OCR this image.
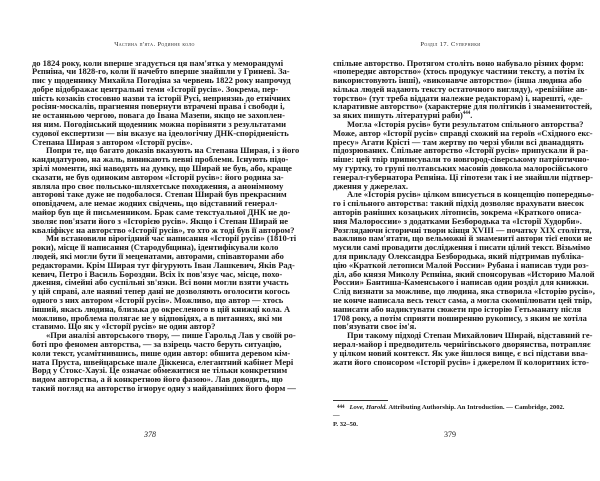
Частина п'ята. Родинне коло
до 1824 року, коли вперше згадується ця пам'ятка у меморандумі
Рєпніна, чи 1828-го, коли її начебто вперше знайшли у Гриневі. За-
пис у щоденнику Михайла Погодіна за червень 1822 року напрочуд
добре відображає центральні теми «Історії русів». Зокрема, пер-
шість козаків стосовно назви та історії Русі, неприязнь до етнічних
росіян-москалів, прагнення повернути втрачені права і свободи і,
не останньою чергою, повага до Івана Мазепи, якщо не захоплен-
ня ним. Погодінський щоденник можна порівняти з результатами
судової експертизи — він вказує на ідеологічну ДНК-спорідненість
Степана Ширая з автором «Історії русів».
Попри те, що багато доказів вказують на Степана Ширая, і з його
кандидатурою, на жаль, виникають певні проблеми. Існують підо-
зрілі моменти, які наводять на думку, що Ширай не був, або, краще
сказати, не був одиноким автором «Історії русів»: його родина за-
являла про своє польсько-шляхетське походження, а анонімному
авторові таке дуже не подобалося. Степан Ширай був прекрасним
оповідачем, але немає жодних свідчень, що відставний генерал-
майор був ще й письменником. Брак саме текстуальної ДНК не до-
зволяє пов'язати його з «Історією русів». Якщо і Степан Ширай не
кваліфікує на авторство «Історії русів», то хто ж тоді був її автором?
Ми встановили вірогідний час написання «Історії русів» (1810-ті
роки), місце її написання (Стародубщина), ідентифікували коло
людей, які могли бути її меценатами, авторами, співавторами або
редакторами. Крім Ширая тут фігурують Іван Лашкевич, Яків Рад-
кевич, Петро і Василь Бороздни. Всіх їх пов'язує час, місце, похо-
дження, сімейні або суспільні зв'язки. Всі вони могли взяти участь
у цій справі, але наявні тепер дані не дозволяють оголосити когось
одного з них автором «Історії русів». Можливо, що автор — хтось
інший, якась людина, близька до окресленого в цій книжці кола. А
можливо, проблема полягає не у відповідях, а в питаннях, які ми
ставимо. Що як у «Історії русів» не один автор?
«При аналізі авторського твору, — пише Гарольд Лав у своїй ро-
боті про феномен авторства, — за взірець часто беруть ситуацію,
коли текст, усамітнившись, пише один автор: обшита деревом кім-
ната Пруста, швейцарське шале Діккенса, елегантний кабінет Мері
Ворд у Стокс-Хаузі. Це означає обмежитися не тільки конкретним
видом авторства, а й конкретною його фазою». Лав доводить, що
такий погляд на авторство ігнорує одну з найдавніших його форм —
378
Розділ 17. Суперники
спільне авторство. Протягом століть воно набувало різних форм:
«попереднє авторство» (хтось продукує частини тексту, а потім їх
використовують інші), «виконавче авторство» (інша людина або
кілька людей надають тексту остаточного вигляду), «ревізійне ав-
торство» (тут треба віддати належне редакторам) і, нарешті, «де-
кларативне авторство» (характерне для політиків і знаменитостей,
за яких пишуть літературні раби)$^{444}$.
Могла «Історія русів» бути результатом спільного авторства?
Може, автор «Історії русів» справді схожий на героїв «Східного екс-
пресу» Агати Крісті — там жертву по черзі убили всі дванадцять
підозрюваних. Спільне авторство «Історії русів» припускали й ра-
ніше: цей твір приписували то новгород-сіверському патріотично-
му гуртку, то групі полтавських масонів довкола малоросійського
генерал-губернатора Рєпніна. Ці гіпотези так і не знайшли підтвер-
дження у джерелах.
Але «Історія русів» цілком вписується в концепцію попередньо-
го і спільного авторства: такий підхід дозволяє врахувати внесок
авторів раніших козацьких літописів, зокрема «Краткого описа-
ния Малороссии» з додатками Безбородька та «Історії Худорби».
Розглядаючи історичні твори кінця XVIII — початку XIX століття,
важливо пам'ятати, що вельможні й знаменитї автори тієї епохи не
мусили самі провадити дослідження і писати цілий текст. Візьмімо
для прикладу Олександра Безбородька, який підтримав публіка-
цію «Краткой летописи Малой России» Рубана і написав туди роз-
діл, або князя Миколу Рєпніна, який спонсорував «Историю Малой
России» Бантиша-Каменського і написав один розділ для книжки.
Слід визнати за можливе, що людина, яка створила «Історію русів»,
не конче написала весь текст сама, а могла скомпілювати цей твір,
написати або надиктувати сюжети про історію Гетьманату після
1708 року, а потім сприяти поширенню рукопису, з яким не хотіла
пов'язувати своє ім'я.
При такому підході Степан Михайлович Ширай, відставний ге-
нерал-майор і предводитель чернігівського дворянства, потрапляє
у цілком новий контекст. Як уже йшлося вище, є всі підстави вва-
жати його спонсором «Історії русів» і джерелом її колоритних істо-
$^{444}$ Love, Harold. Attributing Authorship. An Introduction. — Cambridge, 2002. —
P. 32–50.
379
